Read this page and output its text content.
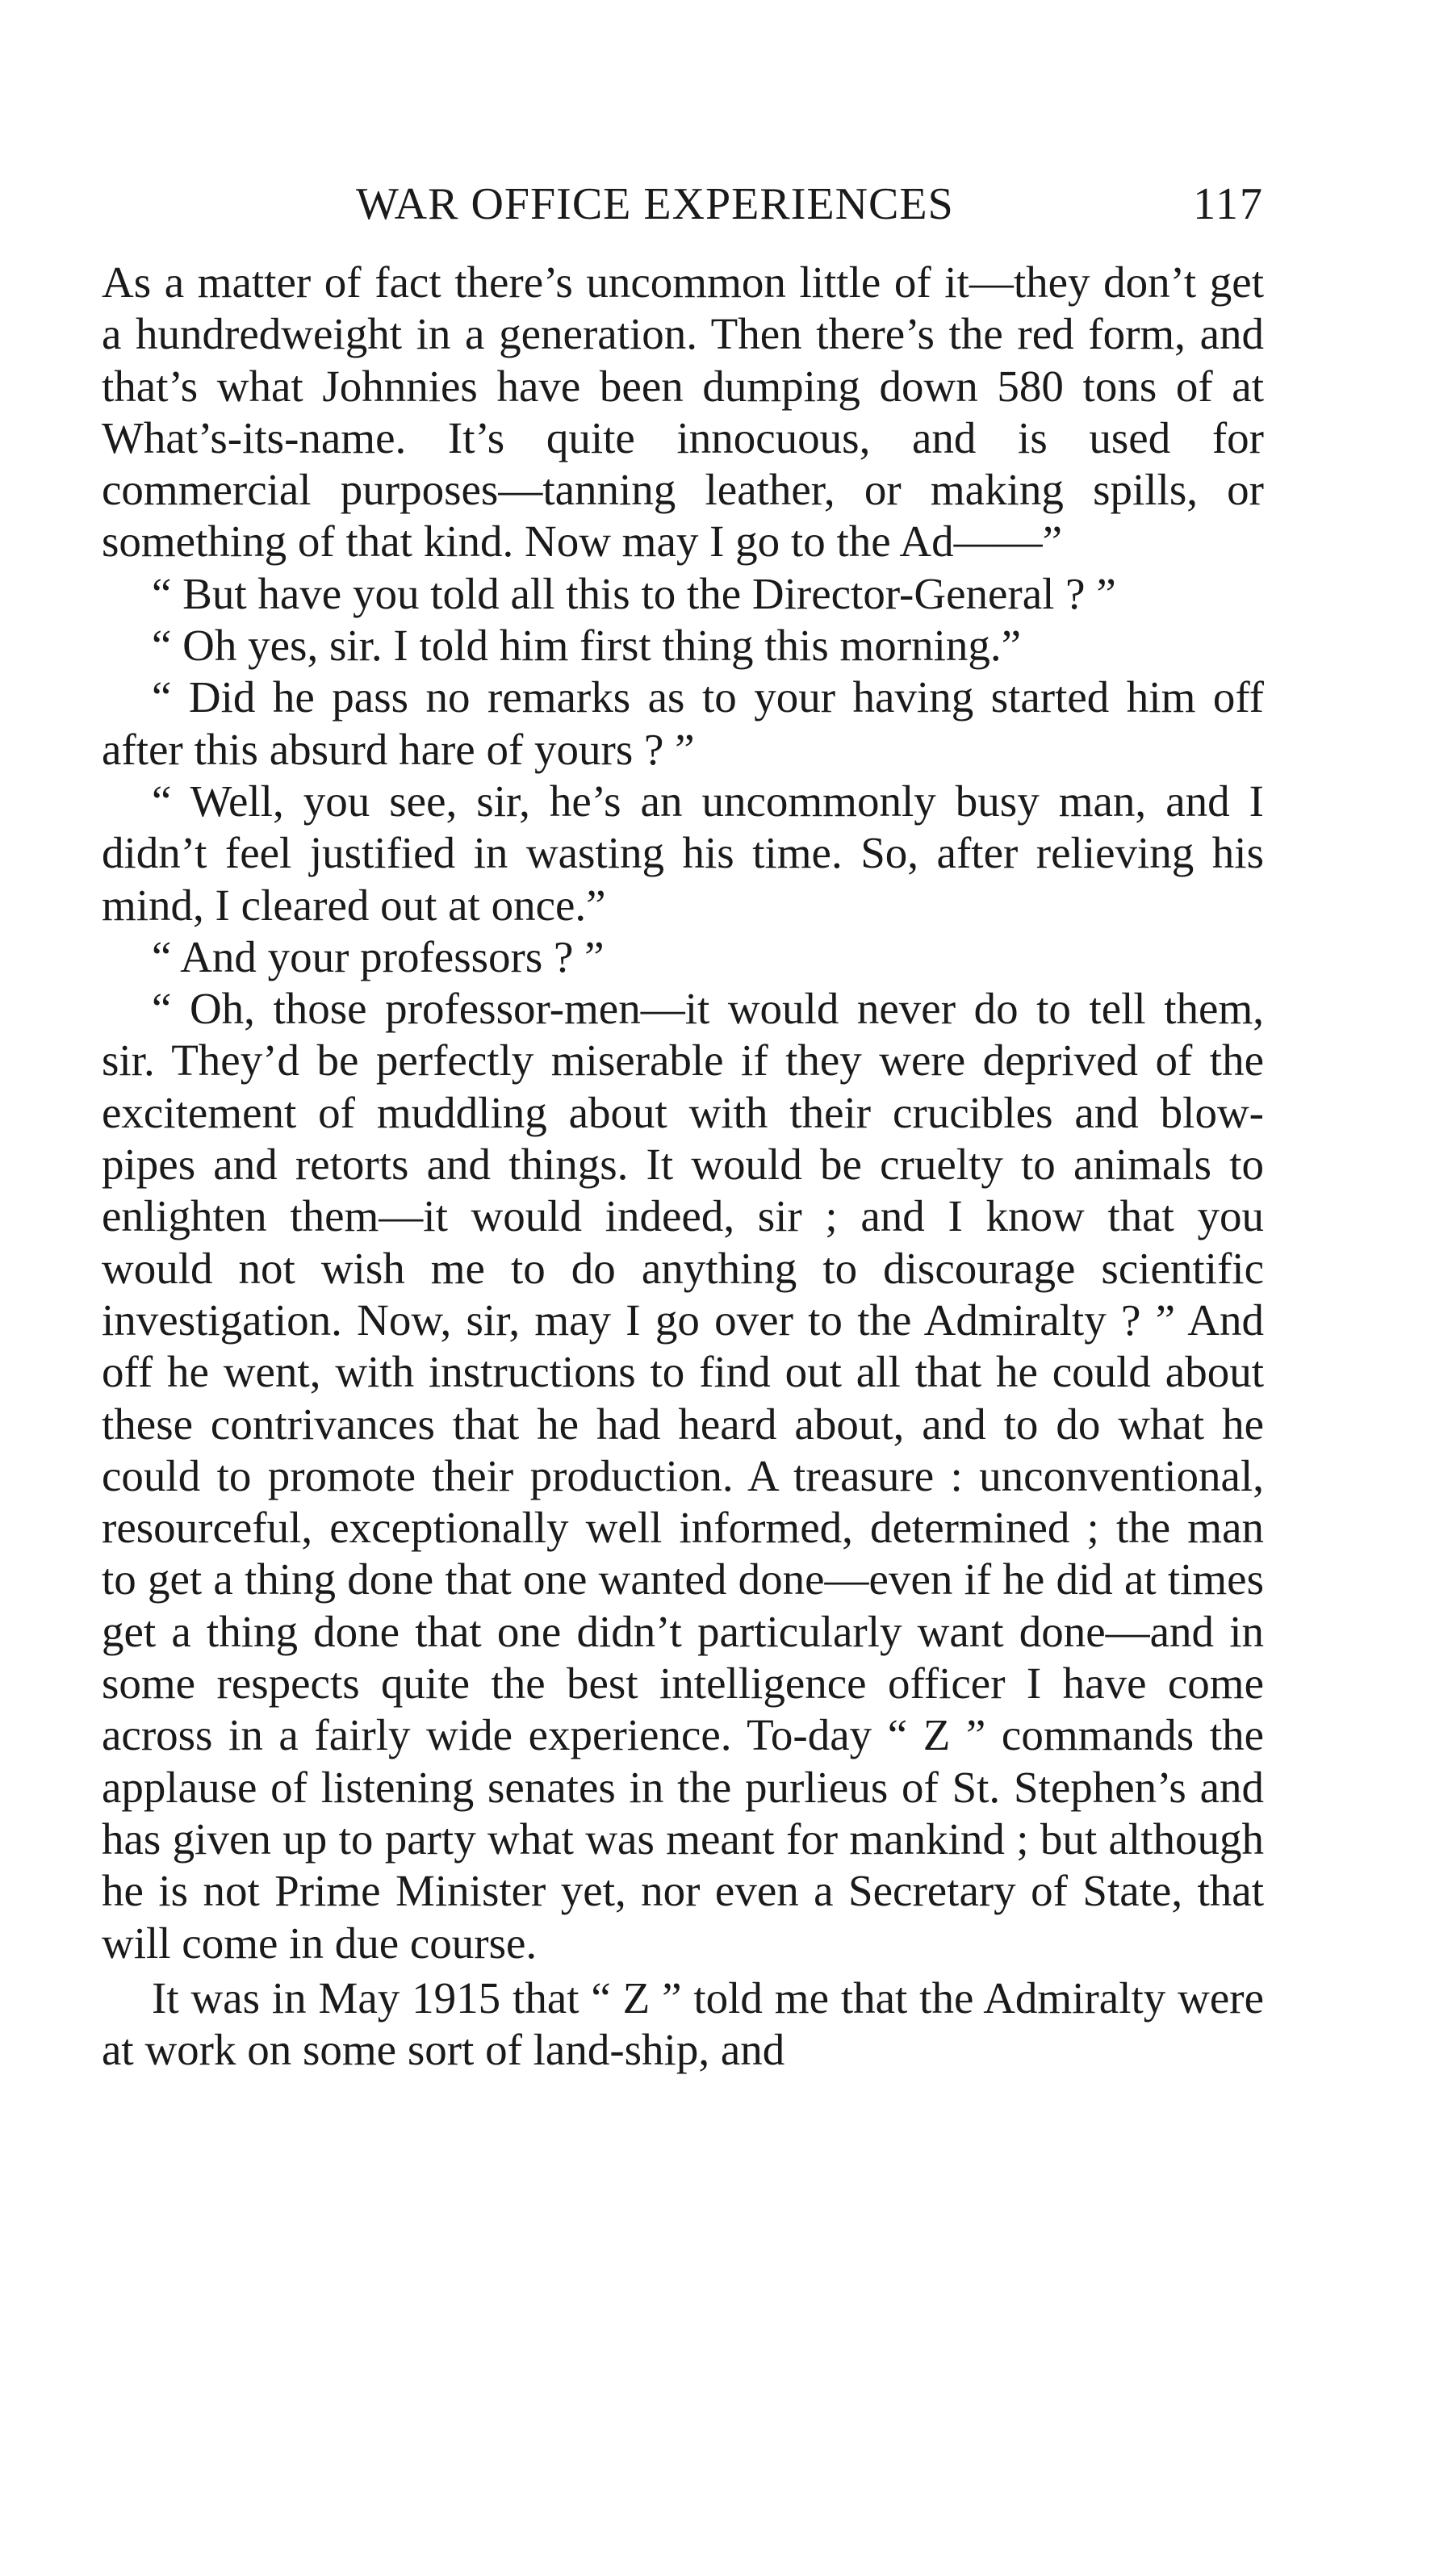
WAR OFFICE EXPERIENCES	117

As a matter of fact there’s uncommon little of it—they don’t get a hundredweight in a generation. Then there’s the red form, and that’s what Johnnies have been dumping down 580 tons of at What’s-its-name. It’s quite innocuous, and is used for commercial purposes—tanning leather, or making spills, or something of that kind. Now may I go to the Ad——”

“ But have you told all this to the Director-General ? ”

“ Oh yes, sir. I told him first thing this morning.”

“ Did he pass no remarks as to your having started him off after this absurd hare of yours ? ”

“ Well, you see, sir, he’s an uncommonly busy man, and I didn’t feel justified in wasting his time. So, after relieving his mind, I cleared out at once.”

“ And your professors ? ”

“ Oh, those professor-men—it would never do to tell them, sir. They’d be perfectly miserable if they were deprived of the excitement of muddling about with their crucibles and blow-pipes and retorts and things. It would be cruelty to animals to enlighten them—it would indeed, sir ; and I know that you would not wish me to do anything to discourage scientific investigation. Now, sir, may I go over to the Admiralty ? ” And off he went, with instructions to find out all that he could about these contrivances that he had heard about, and to do what he could to promote their production. A treasure : unconventional, resourceful, exceptionally well informed, determined ; the man to get a thing done that one wanted done—even if he did at times get a thing done that one didn’t particularly want done—and in some respects quite the best intelligence officer I have come across in a fairly wide experience. To-day “ Z ” commands the applause of listening senates in the purlieus of St. Stephen’s and has given up to party what was meant for mankind ; but although he is not Prime Minister yet, nor even a Secretary of State, that will come in due course.

It was in May 1915 that “ Z ” told me that the Admiralty were at work on some sort of land-ship, and
